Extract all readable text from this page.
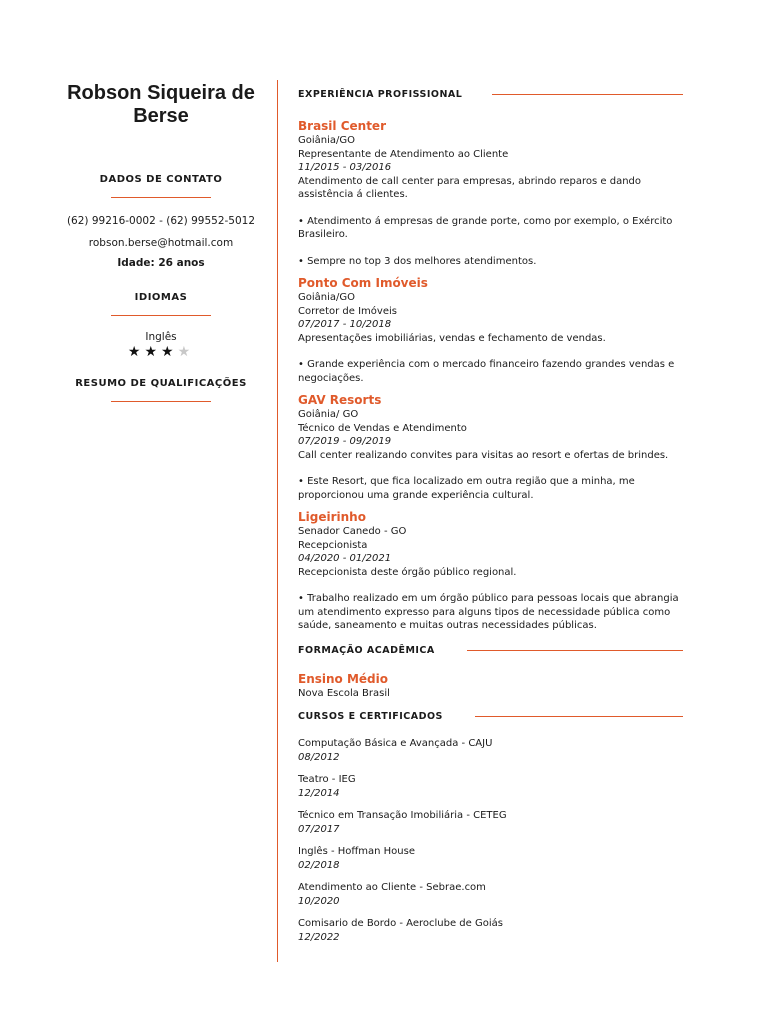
Robson Siqueira de Berse
DADOS DE CONTATO
(62) 99216-0002 - (62) 99552-5012
robson.berse@hotmail.com
Idade: 26 anos
IDIOMAS
Inglês
★★★★
RESUMO DE QUALIFICAÇÕES
EXPERIÊNCIA PROFISSIONAL
Brasil Center
Goiânia/GO
Representante de Atendimento ao Cliente
11/2015 - 03/2016
Atendimento de call center para empresas, abrindo reparos e dando assistência á clientes.
• Atendimento á empresas de grande porte, como por exemplo, o Exército Brasileiro.
• Sempre no top 3 dos melhores atendimentos.
Ponto Com Imóveis
Goiânia/GO
Corretor de Imóveis
07/2017 - 10/2018
Apresentações imobiliárias, vendas e fechamento de vendas.
• Grande experiência com o mercado financeiro fazendo grandes vendas e negociações.
GAV Resorts
Goiânia/ GO
Técnico de Vendas e Atendimento
07/2019 - 09/2019
Call center realizando convites para visitas ao resort e ofertas de brindes.
• Este Resort, que fica localizado em outra região que a minha, me proporcionou uma grande experiência cultural.
Ligeirinho
Senador Canedo - GO
Recepcionista
04/2020 - 01/2021
Recepcionista deste órgão público regional.
• Trabalho realizado em um órgão público para pessoas locais que abrangia um atendimento expresso para alguns tipos de necessidade pública como saúde, saneamento e muitas outras necessidades públicas.
FORMAÇÃO ACADÊMICA
Ensino Médio
Nova Escola Brasil
CURSOS E CERTIFICADOS
Computação Básica e Avançada - CAJU
08/2012
Teatro - IEG
12/2014
Técnico em Transação Imobiliária - CETEG
07/2017
Inglês - Hoffman House
02/2018
Atendimento ao Cliente - Sebrae.com
10/2020
Comisario de Bordo - Aeroclube de Goiás
12/2022
